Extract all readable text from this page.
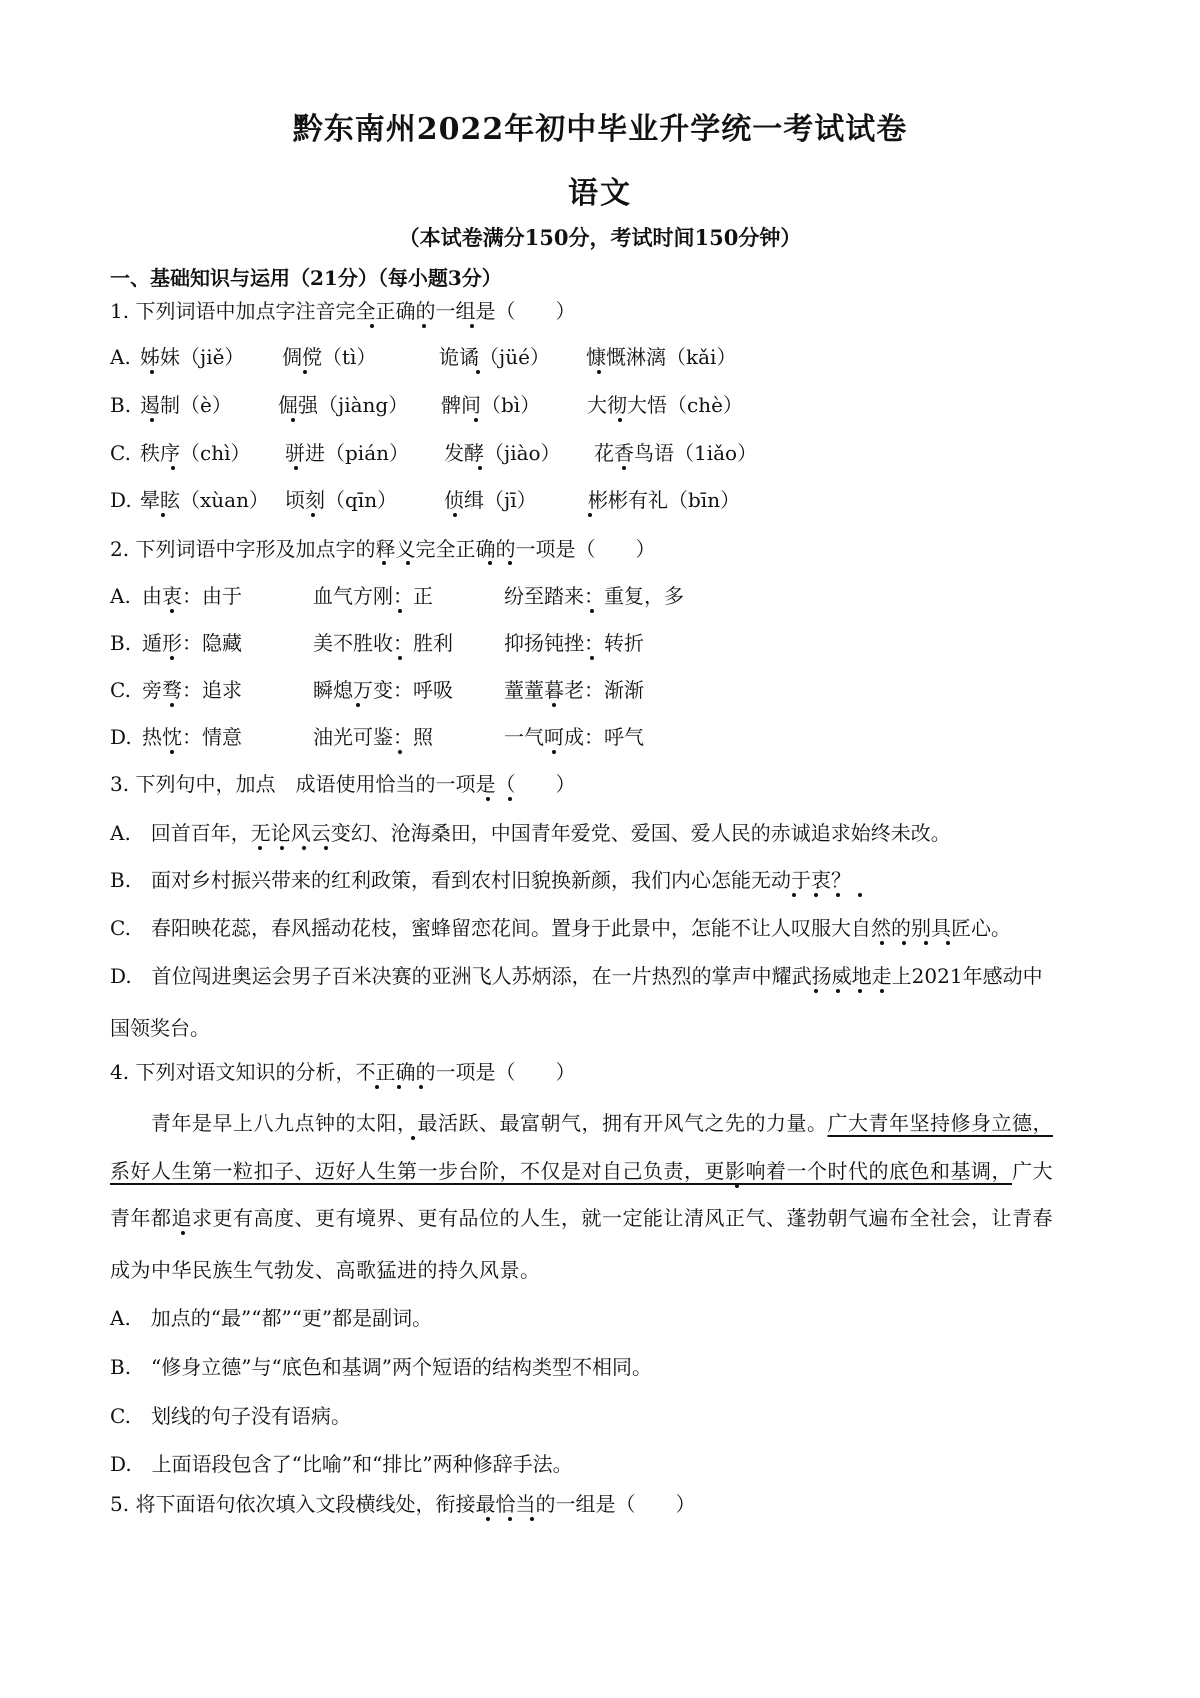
黔东南州2022年初中毕业升学统一考试试卷
语文
（本试卷满分150分，考试时间150分钟）
一、基础知识与运用（21分）（每小题3分）
1. 下列词语中加点字注音完全正确的一组是（　　）
A. 姊妹（jiě） 倜傥（tì）	诡谲（jüé） 慷慨淋漓（kǎi）
B. 遏制（è） 倔强（jiàng） 髀间（bì） 大彻大悟（chè）
C. 秩序（chì） 骈进（pián） 发酵（jiào） 花香鸟语（1iǎo）
D. 晕眩（xùan） 顷刻（qīn） 侦缉（jī）	彬彬有礼（bīn）
2. 下列词语中字形及加点字的释义完全正确的一项是（　　）
A. 由衷：由于	血气方刚：正	纷至踏来：重复，多
B. 遁形：隐藏	美不胜收：胜利	抑扬钝挫：转折
C. 旁骛：追求	瞬熄万变：呼吸	蕫蕫暮老：渐渐
D. 热忱：情意	油光可鉴：照	一气呵成：呼气
3. 下列句中，加点　成语使用恰当的一项是（　　）
A.　回首百年，无论风云变幻、沧海桑田，中国青年爱党、爱国、爱人民的赤诚追求始终未改。
B.　面对乡村振兴带来的红利政策，看到农村旧貌换新颜，我们内心怎能无动于衷？
C.　春阳映花蕊，春风摇动花枝，蜜蜂留恋花间。置身于此景中，怎能不让人叹服大自然的别具匠心。
D.　首位闯进奥运会男子百米决赛的亚洲飞人苏炳添，在一片热烈的掌声中耀武扬威地走上2021年感动中
国领奖台。
4. 下列对语文知识的分析，不正确的一项是（　　）
　　青年是早上八九点钟的太阳，最活跃、最富朝气，拥有开风气之先的力量。广大青年坚持修身立德，
系好人生第一粒扣子、迈好人生第一步台阶，不仅是对自己负责，更影响着一个时代的底色和基调，广大
青年都追求更有高度、更有境界、更有品位的人生，就一定能让清风正气、蓬勃朝气遍布全社会，让青春
成为中华民族生气勃发、高歌猛进的持久风景。
A.　加点的“最”“都”“更”都是副词。
B.　“修身立德”与“底色和基调”两个短语的结构类型不相同。
C.　划线的句子没有语病。
D.　上面语段包含了“比喻”和“排比”两种修辞手法。
5. 将下面语句依次填入文段横线处，衔接最恰当的一组是（　　）
